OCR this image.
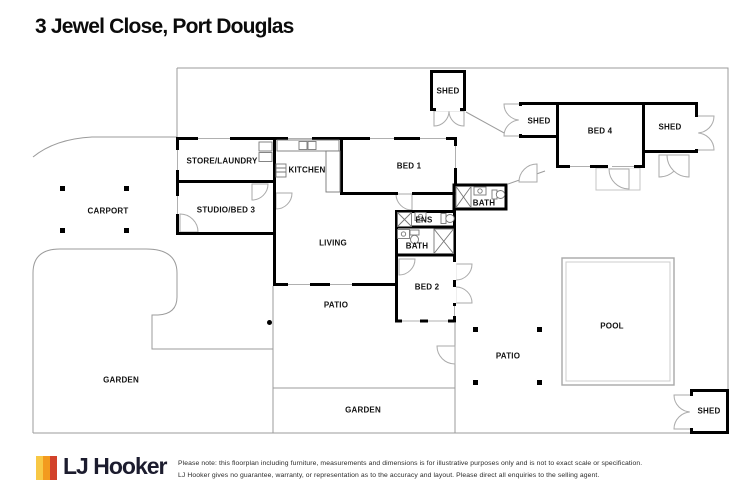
3 Jewel Close, Port Douglas
SHED
SHED
BED 4	SHED
STORE/LAUNDRY
KITCHEN	BED 1
CARPORT	STUDIO/BED 3
LIVING
ENS
BATH
BATH
BED 2
PATIO
PATIO
POOL
GARDEN
GARDEN	SHED
LJ Hooker Please note: this floorplan including furniture, measurements and dimensions is for illustrative purposes only and is not to exact scale or specification.
LJ Hooker gives no guarantee, warranty, or representation as to the accuracy and layout. Please direct all enquiries to the selling agent.
